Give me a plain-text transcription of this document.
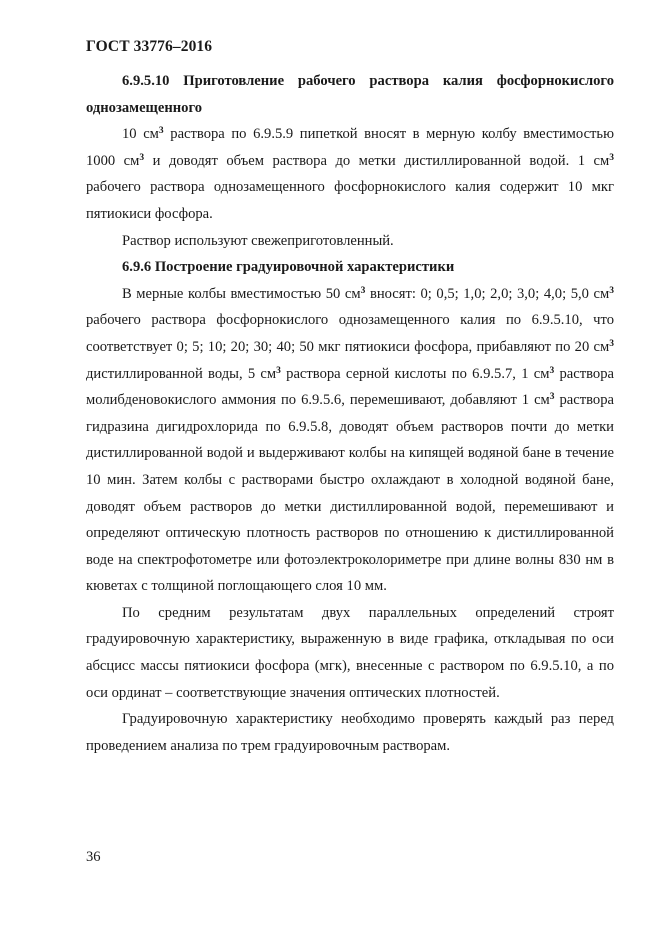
ГОСТ 33776–2016

6.9.5.10 Приготовление рабочего раствора калия фосфорнокислого однозамещенного

10 $см^3$ раствора по 6.9.5.9 пипеткой вносят в мерную колбу вместимостью 1000 $см^3$ и доводят объем раствора до метки дистиллированной водой. 1 $см^3$ рабочего раствора однозамещенного фосфорнокислого калия содержит 10 мкг пятиокиси фосфора.

Раствор используют свежеприготовленный.

6.9.6 Построение градуировочной характеристики

В мерные колбы вместимостью 50 $см^3$ вносят: 0; 0,5; 1,0; 2,0; 3,0; 4,0; 5,0 $см^3$ рабочего раствора фосфорнокислого однозамещенного калия по 6.9.5.10, что соответствует 0; 5; 10; 20; 30; 40; 50 мкг пятиокиси фосфора, прибавляют по 20 $см^3$ дистиллированной воды, 5 $см^3$ раствора серной кислоты по 6.9.5.7, 1 $см^3$ раствора молибденовокислого аммония по 6.9.5.6, перемешивают, добавляют 1 $см^3$ раствора гидразина дигидрохлорида по 6.9.5.8, доводят объем растворов почти до метки дистиллированной водой и выдерживают колбы на кипящей водяной бане в течение 10 мин. Затем колбы с растворами быстро охлаждают в холодной водяной бане, доводят объем растворов до метки дистиллированной водой, перемешивают и определяют оптическую плотность растворов по отношению к дистиллированной воде на спектрофотометре или фотоэлектроколориметре при длине волны 830 нм в кюветах с толщиной поглощающего слоя 10 мм.

По средним результатам двух параллельных определений строят градуировочную характеристику, выраженную в виде графика, откладывая по оси абсцисс массы пятиокиси фосфора (мгк), внесенные с раствором по 6.9.5.10, а по оси ординат – соответствующие значения оптических плотностей.

Градуировочную характеристику необходимо проверять каждый раз перед проведением анализа по трем градуировочным растворам.

36
